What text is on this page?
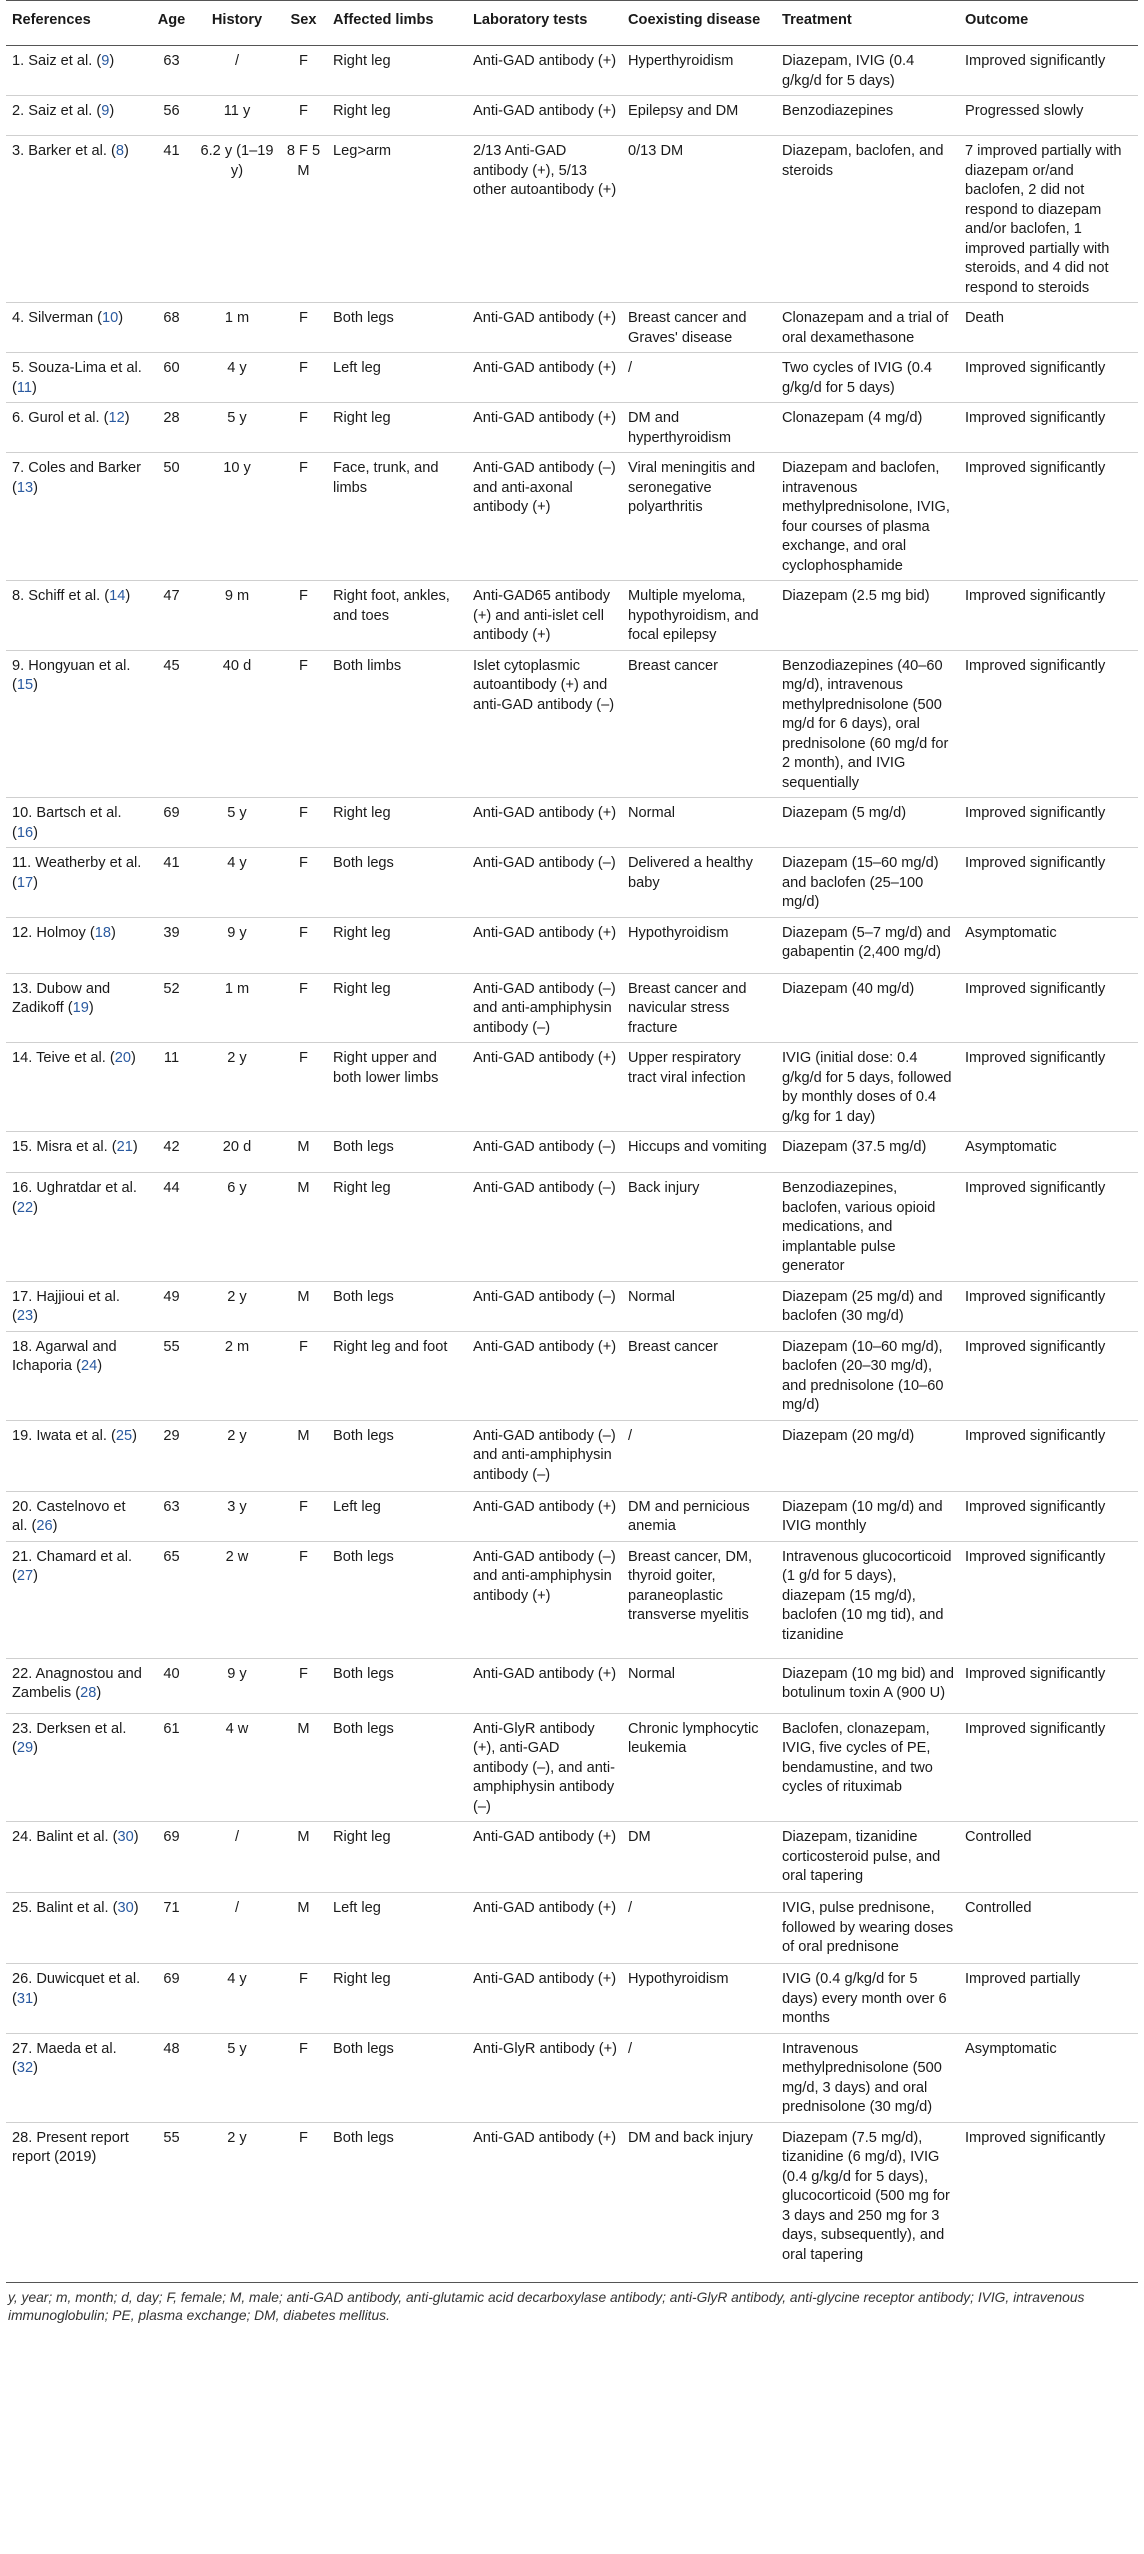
References	Age	History	Sex	Affected limbs	Laboratory tests	Coexisting disease	Treatment	Outcome
1. Saiz et al. (9)	63	/	F	Right leg	Anti-GAD antibody (+)	Hyperthyroidism	Diazepam, IVIG (0.4 g/kg/d for 5 days)	Improved significantly
2. Saiz et al. (9)	56	11 y	F	Right leg	Anti-GAD antibody (+)	Epilepsy and DM	Benzodiazepines	Progressed slowly
3. Barker et al. (8)	41	6.2 y (1–19 y)	8 F 5 M	Leg>arm	2/13 Anti-GAD antibody (+), 5/13 other autoantibody (+)	0/13 DM	Diazepam, baclofen, and steroids	7 improved partially with diazepam or/and baclofen, 2 did not respond to diazepam and/or baclofen, 1 improved partially with steroids, and 4 did not respond to steroids
4. Silverman (10)	68	1 m	F	Both legs	Anti-GAD antibody (+)	Breast cancer and Graves' disease	Clonazepam and a trial of oral dexamethasone	Death
5. Souza-Lima et al. (11)	60	4 y	F	Left leg	Anti-GAD antibody (+)	/	Two cycles of IVIG (0.4 g/kg/d for 5 days)	Improved significantly
6. Gurol et al. (12)	28	5 y	F	Right leg	Anti-GAD antibody (+)	DM and hyperthyroidism	Clonazepam (4 mg/d)	Improved significantly
7. Coles and Barker (13)	50	10 y	F	Face, trunk, and limbs	Anti-GAD antibody (–) and anti-axonal antibody (+)	Viral meningitis and seronegative polyarthritis	Diazepam and baclofen, intravenous methylprednisolone, IVIG, four courses of plasma exchange, and oral cyclophosphamide	Improved significantly
8. Schiff et al. (14)	47	9 m	F	Right foot, ankles, and toes	Anti-GAD65 antibody (+) and anti-islet cell antibody (+)	Multiple myeloma, hypothyroidism, and focal epilepsy	Diazepam (2.5 mg bid)	Improved significantly
9. Hongyuan et al. (15)	45	40 d	F	Both limbs	Islet cytoplasmic autoantibody (+) and anti-GAD antibody (–)	Breast cancer	Benzodiazepines (40–60 mg/d), intravenous methylprednisolone (500 mg/d for 6 days), oral prednisolone (60 mg/d for 2 month), and IVIG sequentially	Improved significantly
10. Bartsch et al. (16)	69	5 y	F	Right leg	Anti-GAD antibody (+)	Normal	Diazepam (5 mg/d)	Improved significantly
11. Weatherby et al. (17)	41	4 y	F	Both legs	Anti-GAD antibody (–)	Delivered a healthy baby	Diazepam (15–60 mg/d) and baclofen (25–100 mg/d)	Improved significantly
12. Holmoy (18)	39	9 y	F	Right leg	Anti-GAD antibody (+)	Hypothyroidism	Diazepam (5–7 mg/d) and gabapentin (2,400 mg/d)	Asymptomatic
13. Dubow and Zadikoff (19)	52	1 m	F	Right leg	Anti-GAD antibody (–) and anti-amphiphysin antibody (–)	Breast cancer and navicular stress fracture	Diazepam (40 mg/d)	Improved significantly
14. Teive et al. (20)	11	2 y	F	Right upper and both lower limbs	Anti-GAD antibody (+)	Upper respiratory tract viral infection	IVIG (initial dose: 0.4 g/kg/d for 5 days, followed by monthly doses of 0.4 g/kg for 1 day)	Improved significantly
15. Misra et al. (21)	42	20 d	M	Both legs	Anti-GAD antibody (–)	Hiccups and vomiting	Diazepam (37.5 mg/d)	Asymptomatic
16. Ughratdar et al. (22)	44	6 y	M	Right leg	Anti-GAD antibody (–)	Back injury	Benzodiazepines, baclofen, various opioid medications, and implantable pulse generator	Improved significantly
17. Hajjioui et al. (23)	49	2 y	M	Both legs	Anti-GAD antibody (–)	Normal	Diazepam (25 mg/d) and baclofen (30 mg/d)	Improved significantly
18. Agarwal and Ichaporia (24)	55	2 m	F	Right leg and foot	Anti-GAD antibody (+)	Breast cancer	Diazepam (10–60 mg/d), baclofen (20–30 mg/d), and prednisolone (10–60 mg/d)	Improved significantly
19. Iwata et al. (25)	29	2 y	M	Both legs	Anti-GAD antibody (–) and anti-amphiphysin antibody (–)	/	Diazepam (20 mg/d)	Improved significantly
20. Castelnovo et al. (26)	63	3 y	F	Left leg	Anti-GAD antibody (+)	DM and pernicious anemia	Diazepam (10 mg/d) and IVIG monthly	Improved significantly
21. Chamard et al. (27)	65	2 w	F	Both legs	Anti-GAD antibody (–) and anti-amphiphysin antibody (+)	Breast cancer, DM, thyroid goiter, paraneoplastic transverse myelitis	Intravenous glucocorticoid (1 g/d for 5 days), diazepam (15 mg/d), baclofen (10 mg tid), and tizanidine	Improved significantly
22. Anagnostou and Zambelis (28)	40	9 y	F	Both legs	Anti-GAD antibody (+)	Normal	Diazepam (10 mg bid) and botulinum toxin A (900 U)	Improved significantly
23. Derksen et al. (29)	61	4 w	M	Both legs	Anti-GlyR antibody (+), anti-GAD antibody (–), and anti-amphiphysin antibody (–)	Chronic lymphocytic leukemia	Baclofen, clonazepam, IVIG, five cycles of PE, bendamustine, and two cycles of rituximab	Improved significantly
24. Balint et al. (30)	69	/	M	Right leg	Anti-GAD antibody (+)	DM	Diazepam, tizanidine corticosteroid pulse, and oral tapering	Controlled
25. Balint et al. (30)	71	/	M	Left leg	Anti-GAD antibody (+)	/	IVIG, pulse prednisone, followed by wearing doses of oral prednisone	Controlled
26. Duwicquet et al. (31)	69	4 y	F	Right leg	Anti-GAD antibody (+)	Hypothyroidism	IVIG (0.4 g/kg/d for 5 days) every month over 6 months	Improved partially
27. Maeda et al. (32)	48	5 y	F	Both legs	Anti-GlyR antibody (+)	/	Intravenous methylprednisolone (500 mg/d, 3 days) and oral prednisolone (30 mg/d)	Asymptomatic
28. Present report report (2019)	55	2 y	F	Both legs	Anti-GAD antibody (+)	DM and back injury	Diazepam (7.5 mg/d), tizanidine (6 mg/d), IVIG (0.4 g/kg/d for 5 days), glucocorticoid (500 mg for 3 days and 250 mg for 3 days, subsequently), and oral tapering	Improved significantly

y, year; m, month; d, day; F, female; M, male; anti-GAD antibody, anti-glutamic acid decarboxylase antibody; anti-GlyR antibody, anti-glycine receptor antibody; IVIG, intravenous immunoglobulin; PE, plasma exchange; DM, diabetes mellitus.
